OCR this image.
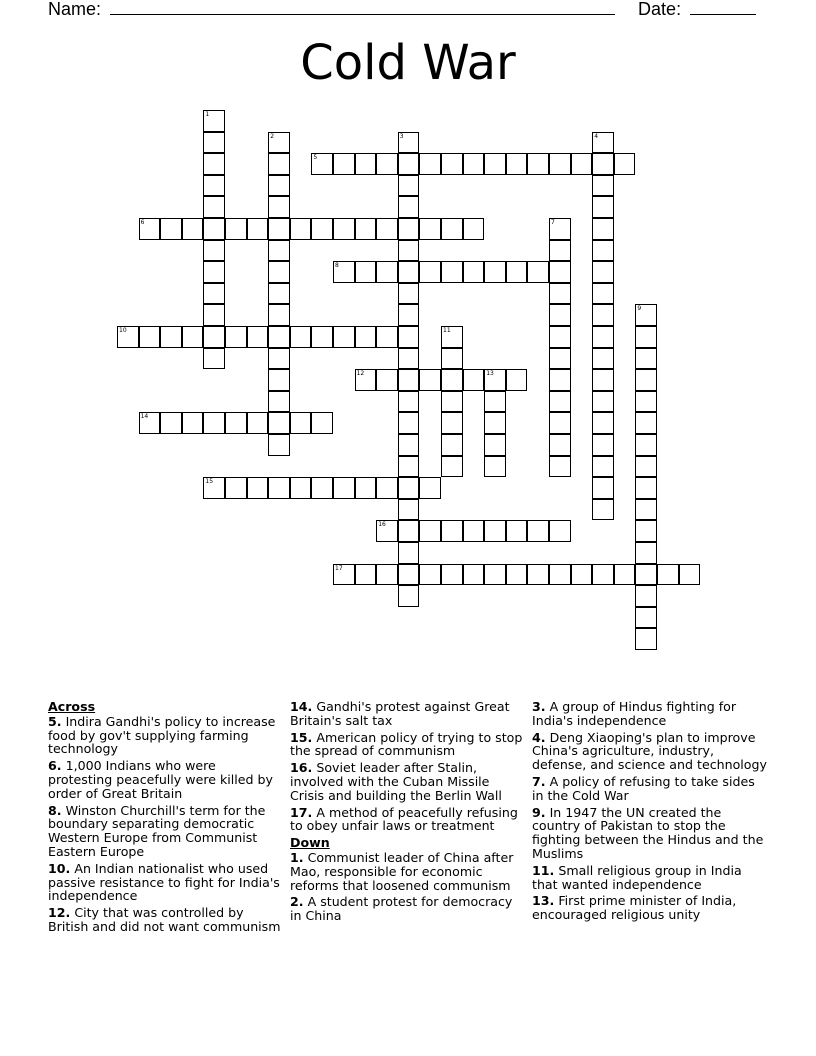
Name:	Date:
Cold War
1
2	3	4
5
6	7
8
9
10	11
12	13
14
15
16
17
Across
5. Indira Gandhi's policy to increase food by gov't supplying farming technology
6. 1,000 Indians who were protesting peacefully were killed by order of Great Britain
8. Winston Churchill's term for the boundary separating democratic Western Europe from Communist Eastern Europe
10. An Indian nationalist who used passive resistance to fight for India's independence
12. City that was controlled by British and did not want communism
14. Gandhi's protest against Great Britain's salt tax
15. American policy of trying to stop the spread of communism
16. Soviet leader after Stalin, involved with the Cuban Missile Crisis and building the Berlin Wall
17. A method of peacefully refusing to obey unfair laws or treatment
Down
1. Communist leader of China after Mao, responsible for economic reforms that loosened communism
2. A student protest for democracy in China
3. A group of Hindus fighting for India's independence
4. Deng Xiaoping's plan to improve China's agriculture, industry, defense, and science and technology
7. A policy of refusing to take sides in the Cold War
9. In 1947 the UN created the country of Pakistan to stop the fighting between the Hindus and the Muslims
11. Small religious group in India that wanted independence
13. First prime minister of India, encouraged religious unity
